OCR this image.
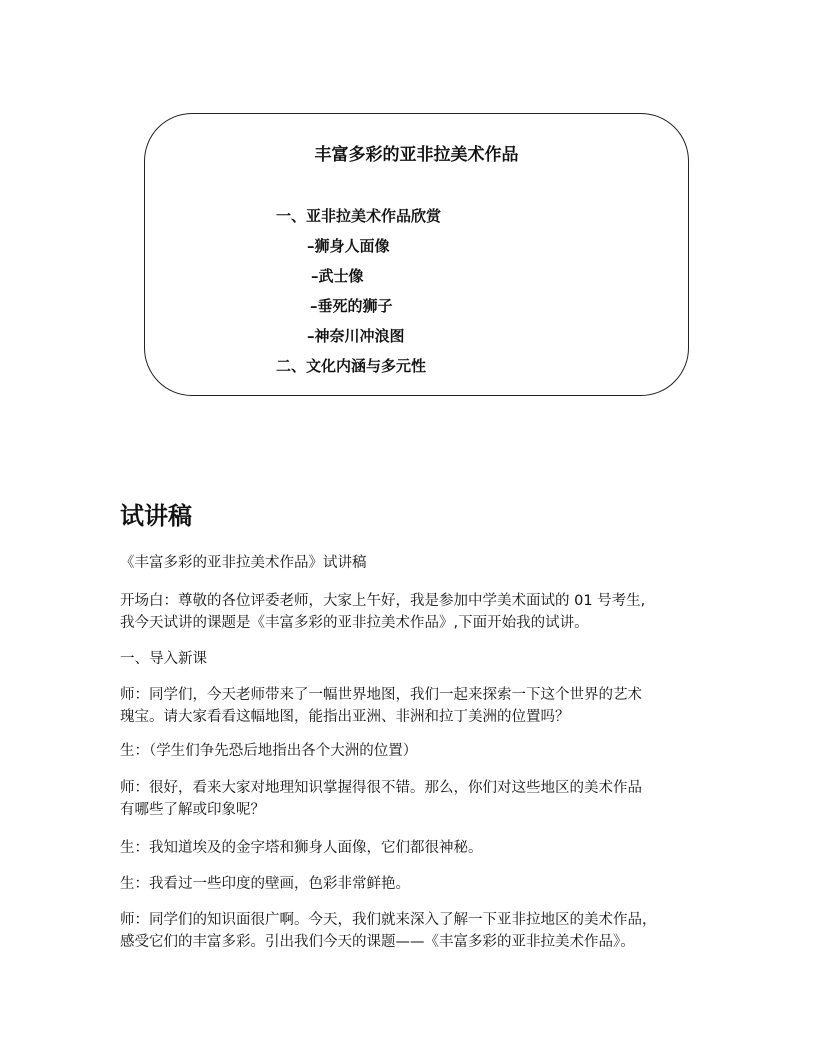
丰富多彩的亚非拉美术作品
一、亚非拉美术作品欣赏
–狮身人面像
–武士像
–垂死的狮子
–神奈川冲浪图
二、文化内涵与多元性
试讲稿

《丰富多彩的亚非拉美术作品》试讲稿

开场白：尊敬的各位评委老师，大家上午好，我是参加中学美术面试的 01 号考生,
我今天试讲的课题是《丰富多彩的亚非拉美术作品》,下面开始我的试讲。

一、导入新课

师：同学们，今天老师带来了一幅世界地图，我们一起来探索一下这个世界的艺术
瑰宝。请大家看看这幅地图，能指出亚洲、非洲和拉丁美洲的位置吗？

生：（学生们争先恐后地指出各个大洲的位置）

师：很好，看来大家对地理知识掌握得很不错。那么，你们对这些地区的美术作品
有哪些了解或印象呢？

生：我知道埃及的金字塔和狮身人面像，它们都很神秘。

生：我看过一些印度的壁画，色彩非常鲜艳。

师：同学们的知识面很广啊。今天，我们就来深入了解一下亚非拉地区的美术作品，
感受它们的丰富多彩。引出我们今天的课题——《丰富多彩的亚非拉美术作品》。
